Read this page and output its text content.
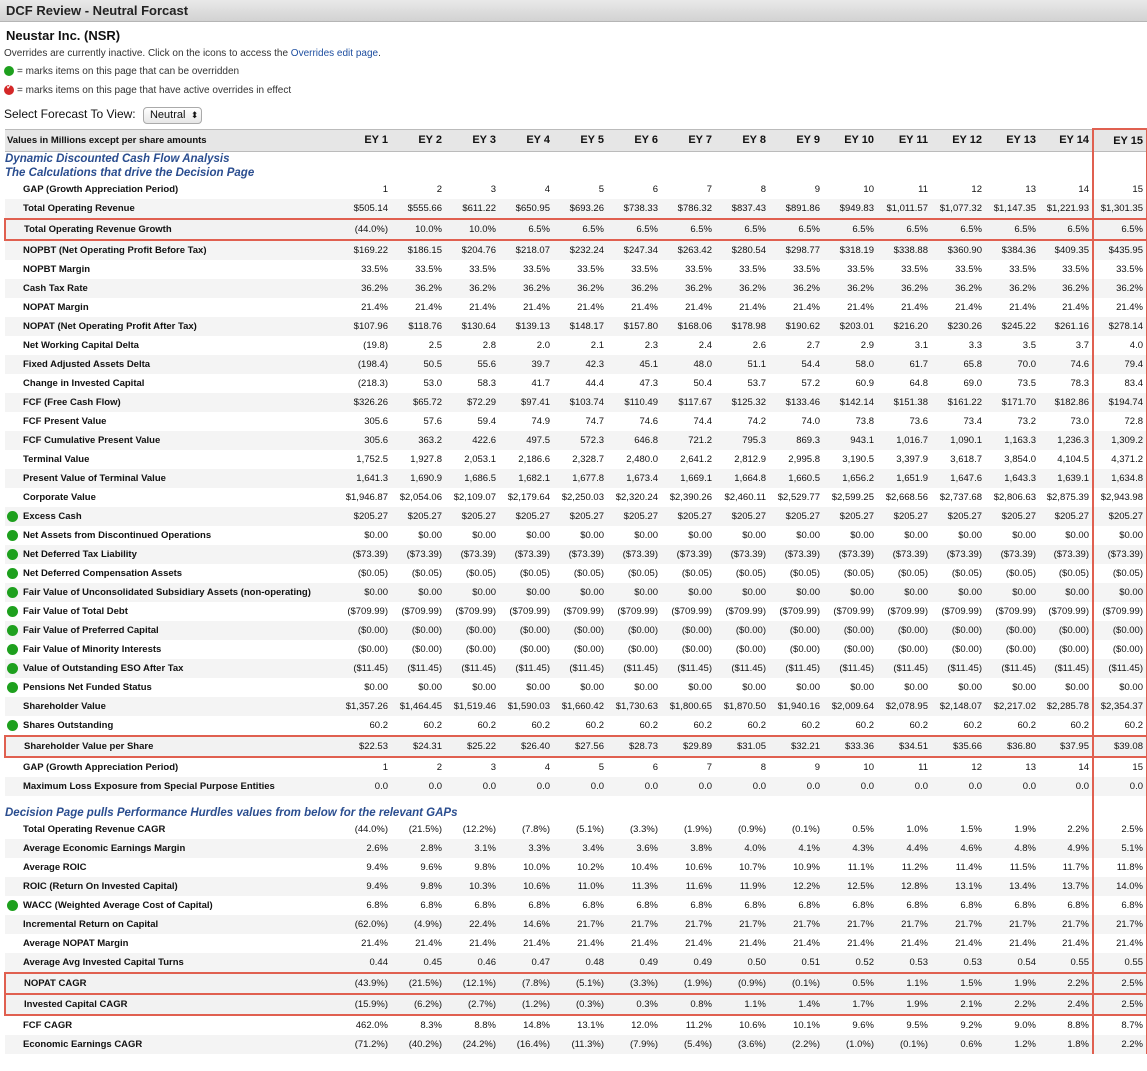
DCF Review - Neutral Forcast
Neustar Inc. (NSR)
Overrides are currently inactive. Click on the icons to access the Overrides edit page.
= marks items on this page that can be overridden
✓= marks items on this page that have active overrides in effect
Select Forecast To View: Neutral ⬍
Values in Millions except per share amounts	EY 1	EY 2	EY 3	EY 4	EY 5	EY 6	EY 7	EY 8	EY 9	EY 10	EY 11	EY 12	EY 13	EY 14	EY 15
Dynamic Discounted Cash Flow Analysis															
The Calculations that drive the Decision Page															
GAP (Growth Appreciation Period)	1	2	3	4	5	6	7	8	9	10	11	12	13	14	15
Total Operating Revenue	$505.14	$555.66	$611.22	$650.95	$693.26	$738.33	$786.32	$837.43	$891.86	$949.83	$1,011.57	$1,077.32	$1,147.35	$1,221.93	$1,301.35
Total Operating Revenue Growth	(44.0%)	10.0%	10.0%	6.5%	6.5%	6.5%	6.5%	6.5%	6.5%	6.5%	6.5%	6.5%	6.5%	6.5%	6.5%
NOPBT (Net Operating Profit Before Tax)	$169.22	$186.15	$204.76	$218.07	$232.24	$247.34	$263.42	$280.54	$298.77	$318.19	$338.88	$360.90	$384.36	$409.35	$435.95
NOPBT Margin	33.5%	33.5%	33.5%	33.5%	33.5%	33.5%	33.5%	33.5%	33.5%	33.5%	33.5%	33.5%	33.5%	33.5%	33.5%
Cash Tax Rate	36.2%	36.2%	36.2%	36.2%	36.2%	36.2%	36.2%	36.2%	36.2%	36.2%	36.2%	36.2%	36.2%	36.2%	36.2%
NOPAT Margin	21.4%	21.4%	21.4%	21.4%	21.4%	21.4%	21.4%	21.4%	21.4%	21.4%	21.4%	21.4%	21.4%	21.4%	21.4%
NOPAT (Net Operating Profit After Tax)	$107.96	$118.76	$130.64	$139.13	$148.17	$157.80	$168.06	$178.98	$190.62	$203.01	$216.20	$230.26	$245.22	$261.16	$278.14
Net Working Capital Delta	(19.8)	2.5	2.8	2.0	2.1	2.3	2.4	2.6	2.7	2.9	3.1	3.3	3.5	3.7	4.0
Fixed Adjusted Assets Delta	(198.4)	50.5	55.6	39.7	42.3	45.1	48.0	51.1	54.4	58.0	61.7	65.8	70.0	74.6	79.4
Change in Invested Capital	(218.3)	53.0	58.3	41.7	44.4	47.3	50.4	53.7	57.2	60.9	64.8	69.0	73.5	78.3	83.4
FCF (Free Cash Flow)	$326.26	$65.72	$72.29	$97.41	$103.74	$110.49	$117.67	$125.32	$133.46	$142.14	$151.38	$161.22	$171.70	$182.86	$194.74
FCF Present Value	305.6	57.6	59.4	74.9	74.7	74.6	74.4	74.2	74.0	73.8	73.6	73.4	73.2	73.0	72.8
FCF Cumulative Present Value	305.6	363.2	422.6	497.5	572.3	646.8	721.2	795.3	869.3	943.1	1,016.7	1,090.1	1,163.3	1,236.3	1,309.2
Terminal Value	1,752.5	1,927.8	2,053.1	2,186.6	2,328.7	2,480.0	2,641.2	2,812.9	2,995.8	3,190.5	3,397.9	3,618.7	3,854.0	4,104.5	4,371.2
Present Value of Terminal Value	1,641.3	1,690.9	1,686.5	1,682.1	1,677.8	1,673.4	1,669.1	1,664.8	1,660.5	1,656.2	1,651.9	1,647.6	1,643.3	1,639.1	1,634.8
Corporate Value	$1,946.87	$2,054.06	$2,109.07	$2,179.64	$2,250.03	$2,320.24	$2,390.26	$2,460.11	$2,529.77	$2,599.25	$2,668.56	$2,737.68	$2,806.63	$2,875.39	$2,943.98

Excess Cash	$205.27	$205.27	$205.27	$205.27	$205.27	$205.27	$205.27	$205.27	$205.27	$205.27	$205.27	$205.27	$205.27	$205.27	$205.27

Net Assets from Discontinued Operations	$0.00	$0.00	$0.00	$0.00	$0.00	$0.00	$0.00	$0.00	$0.00	$0.00	$0.00	$0.00	$0.00	$0.00	$0.00

Net Deferred Tax Liability	($73.39)	($73.39)	($73.39)	($73.39)	($73.39)	($73.39)	($73.39)	($73.39)	($73.39)	($73.39)	($73.39)	($73.39)	($73.39)	($73.39)	($73.39)

Net Deferred Compensation Assets	($0.05)	($0.05)	($0.05)	($0.05)	($0.05)	($0.05)	($0.05)	($0.05)	($0.05)	($0.05)	($0.05)	($0.05)	($0.05)	($0.05)	($0.05)

Fair Value of Unconsolidated Subsidiary Assets (non-operating)	$0.00	$0.00	$0.00	$0.00	$0.00	$0.00	$0.00	$0.00	$0.00	$0.00	$0.00	$0.00	$0.00	$0.00	$0.00

Fair Value of Total Debt	($709.99)	($709.99)	($709.99)	($709.99)	($709.99)	($709.99)	($709.99)	($709.99)	($709.99)	($709.99)	($709.99)	($709.99)	($709.99)	($709.99)	($709.99)

Fair Value of Preferred Capital	($0.00)	($0.00)	($0.00)	($0.00)	($0.00)	($0.00)	($0.00)	($0.00)	($0.00)	($0.00)	($0.00)	($0.00)	($0.00)	($0.00)	($0.00)

Fair Value of Minority Interests	($0.00)	($0.00)	($0.00)	($0.00)	($0.00)	($0.00)	($0.00)	($0.00)	($0.00)	($0.00)	($0.00)	($0.00)	($0.00)	($0.00)	($0.00)

Value of Outstanding ESO After Tax	($11.45)	($11.45)	($11.45)	($11.45)	($11.45)	($11.45)	($11.45)	($11.45)	($11.45)	($11.45)	($11.45)	($11.45)	($11.45)	($11.45)	($11.45)

Pensions Net Funded Status	$0.00	$0.00	$0.00	$0.00	$0.00	$0.00	$0.00	$0.00	$0.00	$0.00	$0.00	$0.00	$0.00	$0.00	$0.00
Shareholder Value	$1,357.26	$1,464.45	$1,519.46	$1,590.03	$1,660.42	$1,730.63	$1,800.65	$1,870.50	$1,940.16	$2,009.64	$2,078.95	$2,148.07	$2,217.02	$2,285.78	$2,354.37

Shares Outstanding	60.2	60.2	60.2	60.2	60.2	60.2	60.2	60.2	60.2	60.2	60.2	60.2	60.2	60.2	60.2
Shareholder Value per Share	$22.53	$24.31	$25.22	$26.40	$27.56	$28.73	$29.89	$31.05	$32.21	$33.36	$34.51	$35.66	$36.80	$37.95	$39.08
GAP (Growth Appreciation Period)	1	2	3	4	5	6	7	8	9	10	11	12	13	14	15
Maximum Loss Exposure from Special Purpose Entities	0.0	0.0	0.0	0.0	0.0	0.0	0.0	0.0	0.0	0.0	0.0	0.0	0.0	0.0	0.0

Decision Page pulls Performance Hurdles values from below for the relevant GAPs															
Total Operating Revenue CAGR	(44.0%)	(21.5%)	(12.2%)	(7.8%)	(5.1%)	(3.3%)	(1.9%)	(0.9%)	(0.1%)	0.5%	1.0%	1.5%	1.9%	2.2%	2.5%
Average Economic Earnings Margin	2.6%	2.8%	3.1%	3.3%	3.4%	3.6%	3.8%	4.0%	4.1%	4.3%	4.4%	4.6%	4.8%	4.9%	5.1%
Average ROIC	9.4%	9.6%	9.8%	10.0%	10.2%	10.4%	10.6%	10.7%	10.9%	11.1%	11.2%	11.4%	11.5%	11.7%	11.8%
ROIC (Return On Invested Capital)	9.4%	9.8%	10.3%	10.6%	11.0%	11.3%	11.6%	11.9%	12.2%	12.5%	12.8%	13.1%	13.4%	13.7%	14.0%

WACC (Weighted Average Cost of Capital)	6.8%	6.8%	6.8%	6.8%	6.8%	6.8%	6.8%	6.8%	6.8%	6.8%	6.8%	6.8%	6.8%	6.8%	6.8%
Incremental Return on Capital	(62.0%)	(4.9%)	22.4%	14.6%	21.7%	21.7%	21.7%	21.7%	21.7%	21.7%	21.7%	21.7%	21.7%	21.7%	21.7%
Average NOPAT Margin	21.4%	21.4%	21.4%	21.4%	21.4%	21.4%	21.4%	21.4%	21.4%	21.4%	21.4%	21.4%	21.4%	21.4%	21.4%
Average Avg Invested Capital Turns	0.44	0.45	0.46	0.47	0.48	0.49	0.49	0.50	0.51	0.52	0.53	0.53	0.54	0.55	0.55
NOPAT CAGR	(43.9%)	(21.5%)	(12.1%)	(7.8%)	(5.1%)	(3.3%)	(1.9%)	(0.9%)	(0.1%)	0.5%	1.1%	1.5%	1.9%	2.2%	2.5%
Invested Capital CAGR	(15.9%)	(6.2%)	(2.7%)	(1.2%)	(0.3%)	0.3%	0.8%	1.1%	1.4%	1.7%	1.9%	2.1%	2.2%	2.4%	2.5%
FCF CAGR	462.0%	8.3%	8.8%	14.8%	13.1%	12.0%	11.2%	10.6%	10.1%	9.6%	9.5%	9.2%	9.0%	8.8%	8.7%
Economic Earnings CAGR	(71.2%)	(40.2%)	(24.2%)	(16.4%)	(11.3%)	(7.9%)	(5.4%)	(3.6%)	(2.2%)	(1.0%)	(0.1%)	0.6%	1.2%	1.8%	2.2%
